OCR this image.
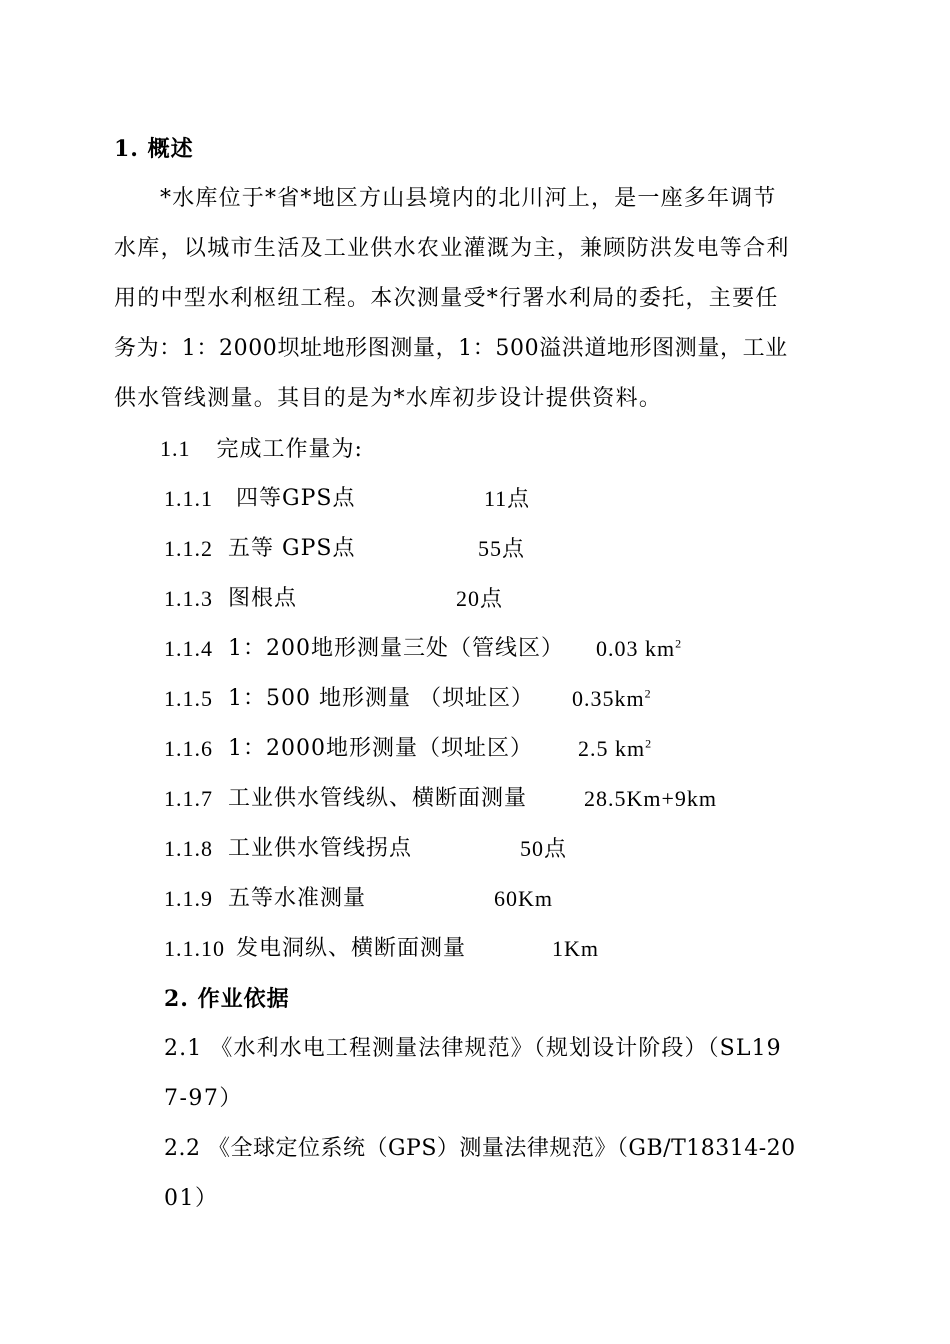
1. 概述
*水库位于*省*地区方山县境内的北川河上，是一座多年调节
水库，以城市生活及工业供水农业灌溉为主，兼顾防洪发电等合利
用的中型水利枢纽工程。本次测量受*行署水利局的委托，主要任
务为：1：2000坝址地形图测量，1：500溢洪道地形图测量，工业
供水管线测量。其目的是为*水库初步设计提供资料。
1.1 完成工作量为:
1.1.1 四等GPS点	11点
1.1.2 五等 GPS点	55点
1.1.3 图根点	20点
1.1.4 1：200地形测量三处（管线区） 0.03 $km^2$
1.1.5 1：500 地形测量 （坝址区） $0.35km^2$
1.1.6 1：2000地形测量（坝址区） 2.5 $km^2$
1.1.7 工业供水管线纵、横断面测量	28.5Km+9km
1.1.8 工业供水管线拐点	50点
1.1.9 五等水准测量	60Km
1.1.10 发电洞纵、横断面测量	1Km
2. 作业依据
2.1 《水利水电工程测量法律规范》（规划设计阶段）（SL19
7-97）
2.2 《全球定位系统（GPS）测量法律规范》（GB/T18314-20
01）
